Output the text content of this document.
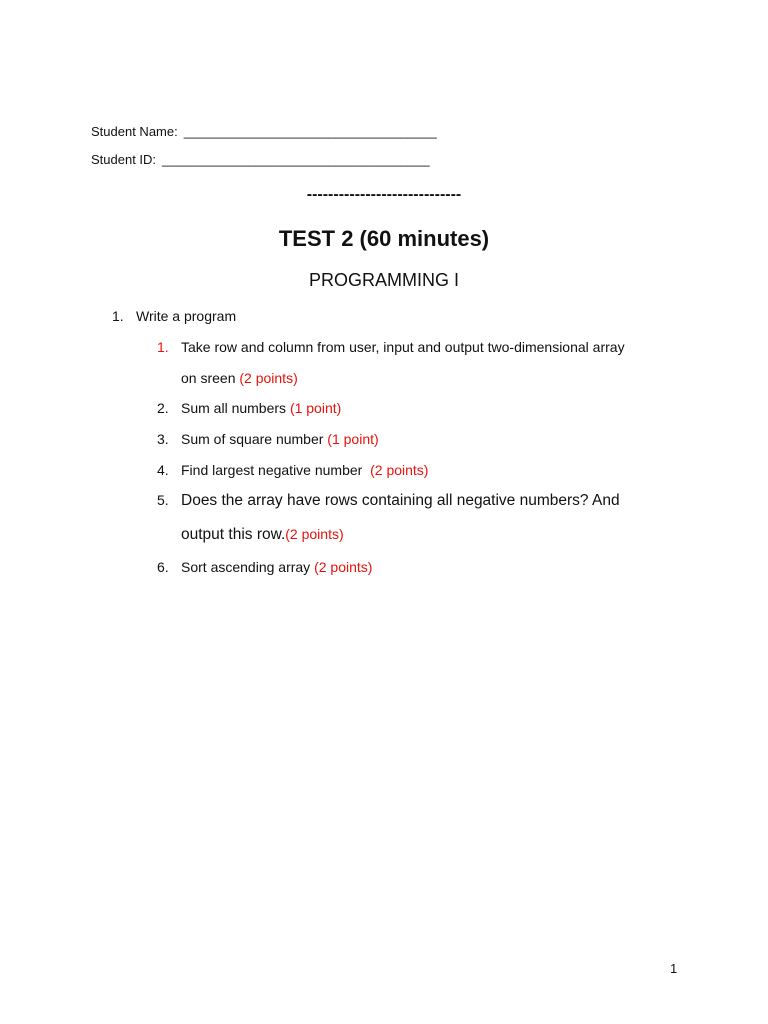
Student Name: ___________________________________
Student ID: _____________________________________
-----------------------------
TEST 2 (60 minutes)
PROGRAMMING I
1. Write a program
1. Take row and column from user, input and output two-dimensional array
on sreen (2 points)
2. Sum all numbers (1 point)
3. Sum of square number (1 point)
4. Find largest negative number  (2 points)
5. Does the array have rows containing all negative numbers? And
output this row.(2 points)
6. Sort ascending array (2 points)
1
